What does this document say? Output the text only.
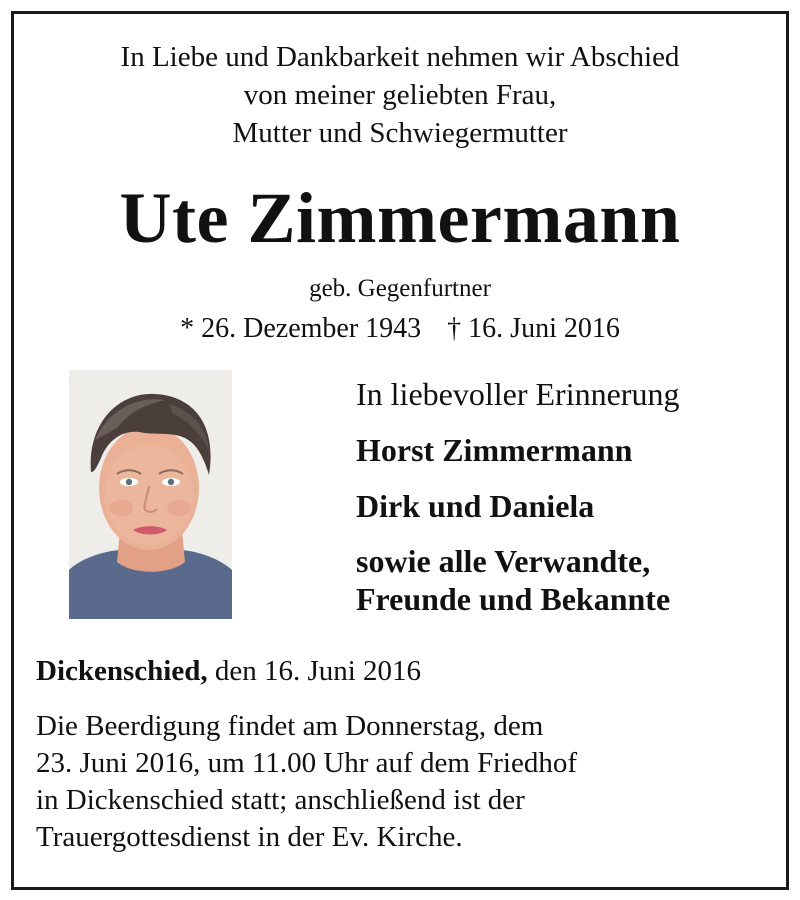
In Liebe und Dankbarkeit nehmen wir Abschied
von meiner geliebten Frau,
Mutter und Schwiegermutter
Ute Zimmermann
geb. Gegenfurtner
* 26. Dezember 1943 † 16. Juni 2016
In liebevoller Erinnerung
Horst Zimmermann
Dirk und Daniela
sowie alle Verwandte,
Freunde und Bekannte
Dickenschied, den 16. Juni 2016
Die Beerdigung findet am Donnerstag, dem
23. Juni 2016, um 11.00 Uhr auf dem Friedhof
in Dickenschied statt; anschließend ist der
Trauergottesdienst in der Ev. Kirche.
